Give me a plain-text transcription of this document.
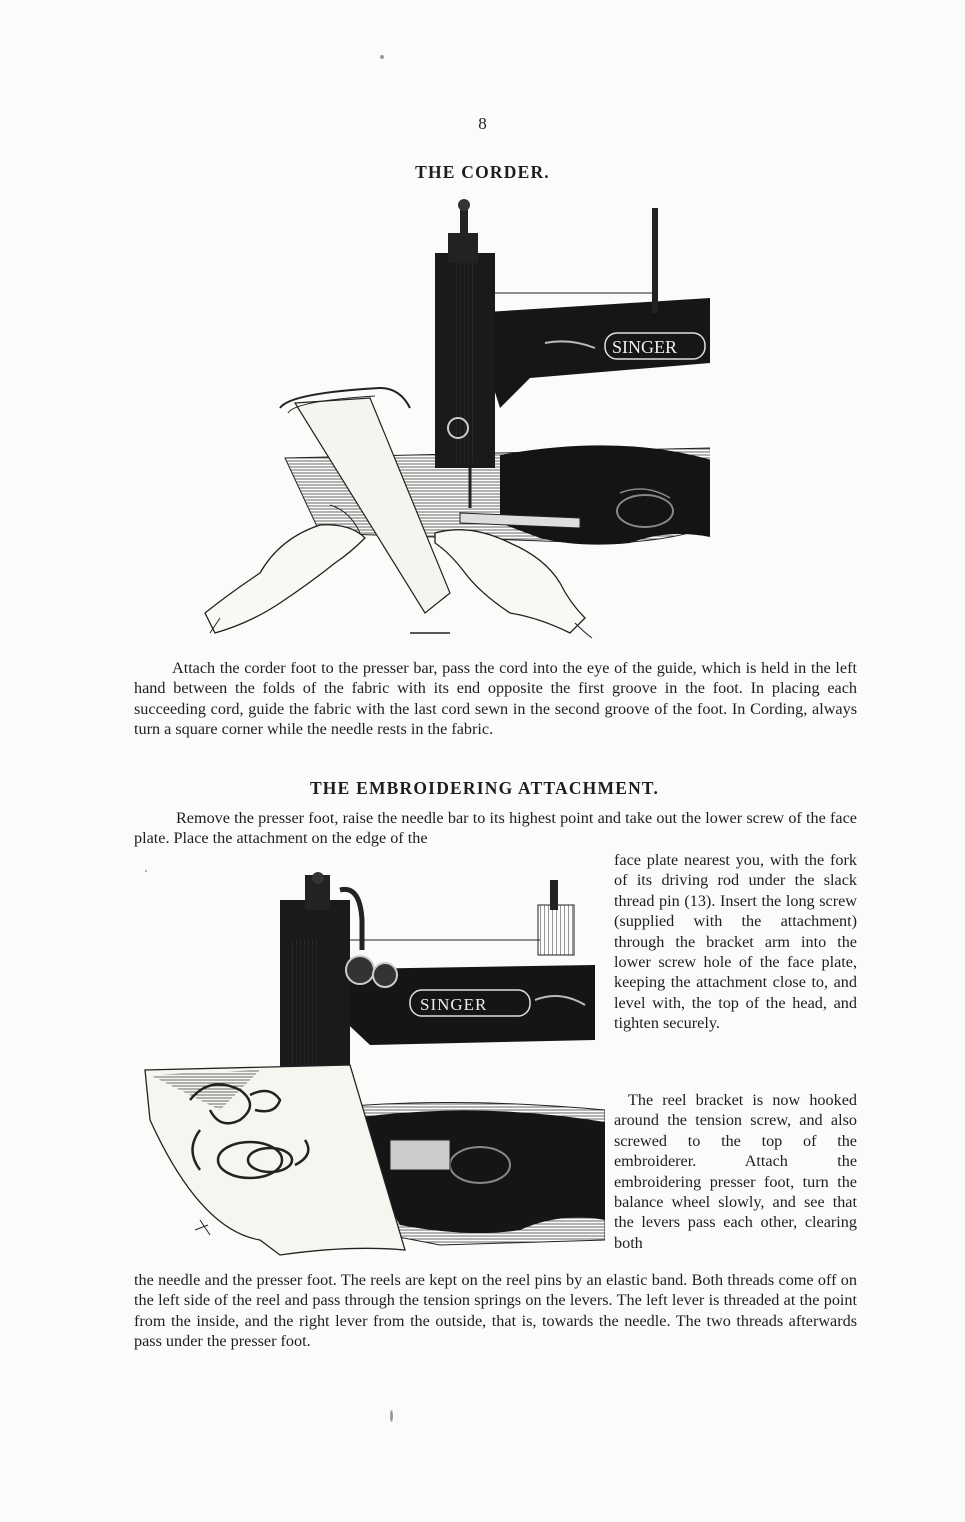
8
THE CORDER.
SINGER

Attach the corder foot to the presser bar, pass the cord into the eye of the guide, which is held in the left hand between the folds of the fabric with its end opposite the first groove in the foot. In placing each succeeding cord, guide the fabric with the last cord sewn in the second groove of the foot. In Cording, always turn a square corner while the needle rests in the fabric.

THE EMBROIDERING ATTACHMENT.

Remove the presser foot, raise the needle bar to its highest point and take out the lower screw of the face plate. Place the attachment on the edge of the

SINGER

face plate nearest you, with the fork of its driving rod under the slack thread pin (13). Insert the long screw (supplied with the attachment) through the bracket arm into the lower screw hole of the face plate, keeping the attachment close to, and level with, the top of the head, and tighten securely.

The reel bracket is now hooked around the tension screw, and also screwed to the top of the embroiderer. Attach the embroidering presser foot, turn the balance wheel slowly, and see that the levers pass each other, clearing both

the needle and the presser foot. The reels are kept on the reel pins by an elastic band. Both threads come off on the left side of the reel and pass through the tension springs on the levers. The left lever is threaded at the point from the inside, and the right lever from the outside, that is, towards the needle. The two threads afterwards pass under the presser foot.
